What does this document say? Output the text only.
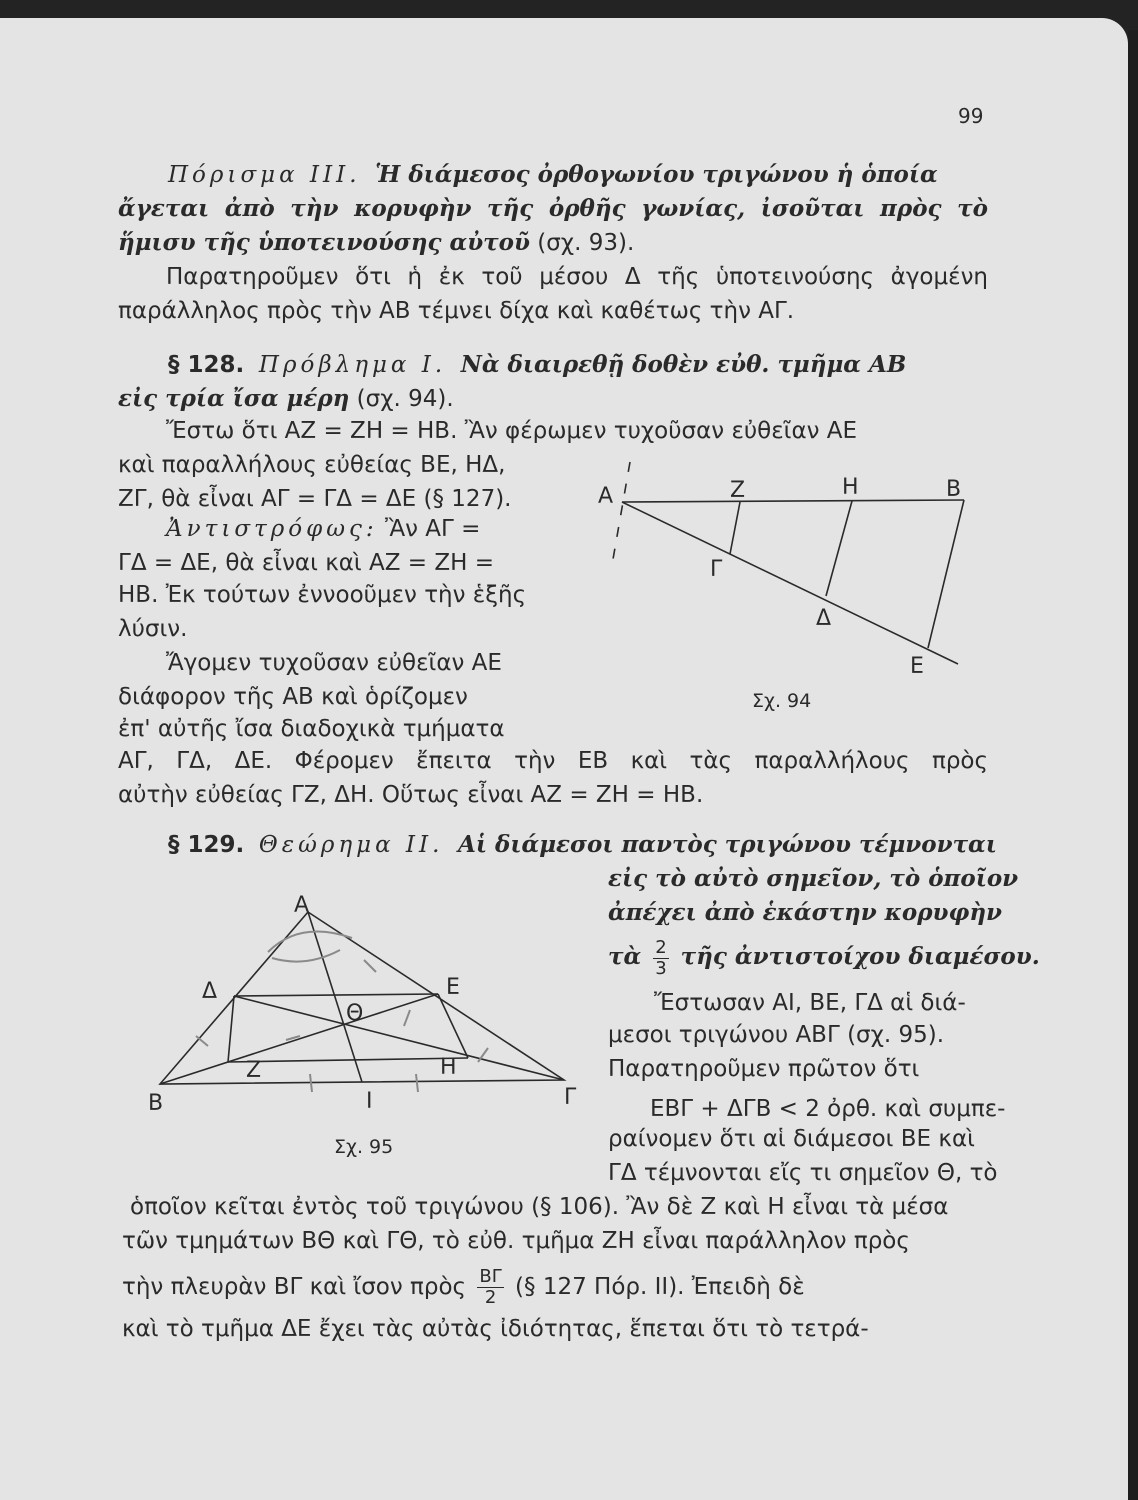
99
Πόρισμα ΙΙΙ. Ἡ διάμεσος ὀρθογωνίου τριγώνου ἡ ὁποία
ἄγεται ἀπὸ τὴν κορυφὴν τῆς ὀρθῆς γωνίας, ἰσοῦται πρὸς τὸ
ἥμισυ τῆς ὑποτεινούσης αὐτοῦ (σχ. 93).
Παρατηροῦμεν ὅτι ἡ ἐκ τοῦ μέσου Δ τῆς ὑποτεινούσης ἀγομένη
παράλληλος πρὸς τὴν ΑΒ τέμνει δίχα καὶ καθέτως τὴν ΑΓ.
§ 128. Πρόβλημα Ι. Νὰ διαιρεθῇ δοθὲν εὐθ. τμῆμα ΑΒ
εἰς τρία ἴσα μέρη (σχ. 94).
Ἔστω ὅτι ΑΖ = ΖΗ = ΗΒ. Ἂν φέρωμεν τυχοῦσαν εὐθεῖαν ΑΕ
καὶ παραλλήλους εὐθείας ΒΕ, ΗΔ,
ΖΓ, θὰ εἶναι ΑΓ = ΓΔ = ΔΕ (§ 127).
Ἀντιστρόφως: Ἂν ΑΓ =
ΓΔ = ΔΕ, θὰ εἶναι καὶ ΑΖ = ΖΗ =
ΗΒ. Ἐκ τούτων ἐννοοῦμεν τὴν ἑξῆς
λύσιν.
Ἄγομεν τυχοῦσαν εὐθεῖαν ΑΕ
διάφορον τῆς ΑΒ καὶ ὁρίζομεν
ἐπ' αὐτῆς ἴσα διαδοχικὰ τμήματα
ΑΓ, ΓΔ, ΔΕ. Φέρομεν ἔπειτα τὴν ΕΒ καὶ τὰς παραλλήλους πρὸς
αὐτὴν εὐθείας ΓΖ, ΔΗ. Οὕτως εἶναι ΑΖ = ΖΗ = ΗΒ.
Α	Ζ	Η	Β
Γ
Δ
Ε
Σχ. 94
§ 129. Θεώρημα ΙΙ. Αἱ διάμεσοι παντὸς τριγώνου τέμνονται
εἰς τὸ αὐτὸ σημεῖον, τὸ ὁποῖον
ἀπέχει ἀπὸ ἑκάστην κορυφὴν
τὰ $\frac{2}{3}$ τῆς ἀντιστοίχου διαμέσου.
Ἔστωσαν ΑΙ, ΒΕ, ΓΔ αἱ διά-
μεσοι τριγώνου ΑΒΓ (σχ. 95).
Παρατηροῦμεν πρῶτον ὅτι
ΕΒΓ + ΔΓΒ < 2 ὀρθ. καὶ συμπε-
ραίνομεν ὅτι αἱ διάμεσοι ΒΕ καὶ
ΓΔ τέμνονται εἴς τι σημεῖον Θ, τὸ
ὁποῖον κεῖται ἐντὸς τοῦ τριγώνου (§ 106). Ἂν δὲ Ζ καὶ Η εἶναι τὰ μέσα
τῶν τμημάτων ΒΘ καὶ ΓΘ, τὸ εὐθ. τμῆμα ΖΗ εἶναι παράλληλον πρὸς
τὴν πλευρὰν ΒΓ καὶ ἴσον πρὸς $\frac{B\Gamma}{2}$ (§ 127 Πόρ. ΙΙ). Ἐπειδὴ δὲ
καὶ τὸ τμῆμα ΔΕ ἔχει τὰς αὐτὰς ἰδιότητας, ἕπεται ὅτι τὸ τετρά-
Α
Δ	Ε
Θ
Ζ	Η
Β	Ι	Γ
Σχ. 95
